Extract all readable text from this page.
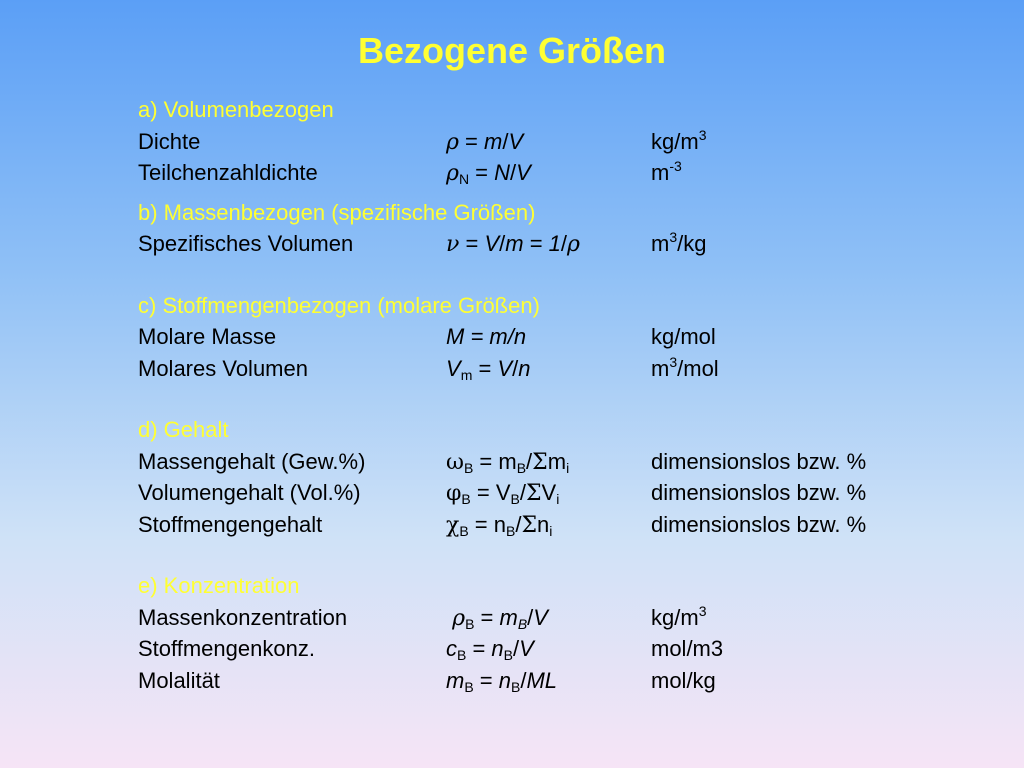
Bezogene Größen
a) Volumenbezogen
Dichte	ρ = m/V	$kg/m^3$
Teilchenzahldichte	$\rho_N = N/V$	$m^{-3}$
b) Massenbezogen (spezifische Größen)
Spezifisches Volumen	ν = V/m = 1/ρ	$m^3/kg$
c) Stoffmengenbezogen (molare Größen)
Molare Masse	M = m/n	kg/mol
Molares Volumen	$V_m = V/n$	$m^3$/mol
d) Gehalt
Massengehalt (Gew.%)	$\omega_B = m_B/\Sigma m_i$	dimensionslos bzw. %
Volumengehalt (Vol.%)	$\varphi_B = V_B/\Sigma V_i$	dimensionslos bzw. %
Stoffmengengehalt	$\chi_B = n_B/\Sigma n_i$	dimensionslos bzw. %
e) Konzentration
Massenkonzentration	$\rho_B = m_B/V$	$kg/m^3$
Stoffmengenkonz.	$c_B = n_B/V$	mol/m3
Molalität	$m_B = n_B/ML$	mol/kg
